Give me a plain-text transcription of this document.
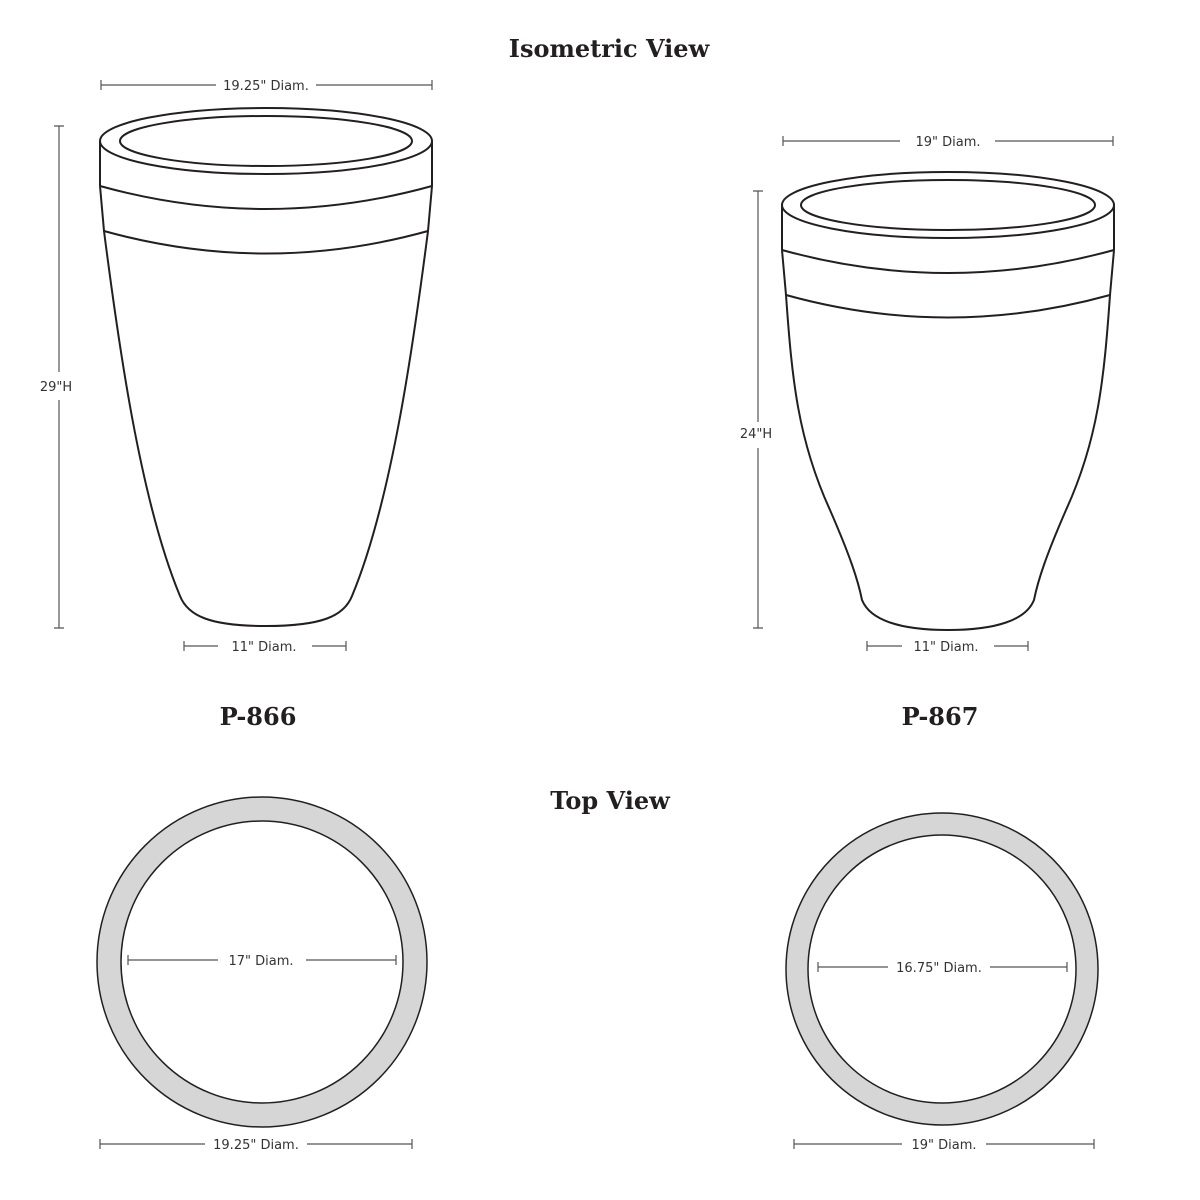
Isometric View
P-866	P-867
Top View
19.25" Diam.
29"H
11" Diam.
19" Diam.
24"H
11" Diam.
17" Diam.
19.25" Diam.
16.75" Diam.
19" Diam.
